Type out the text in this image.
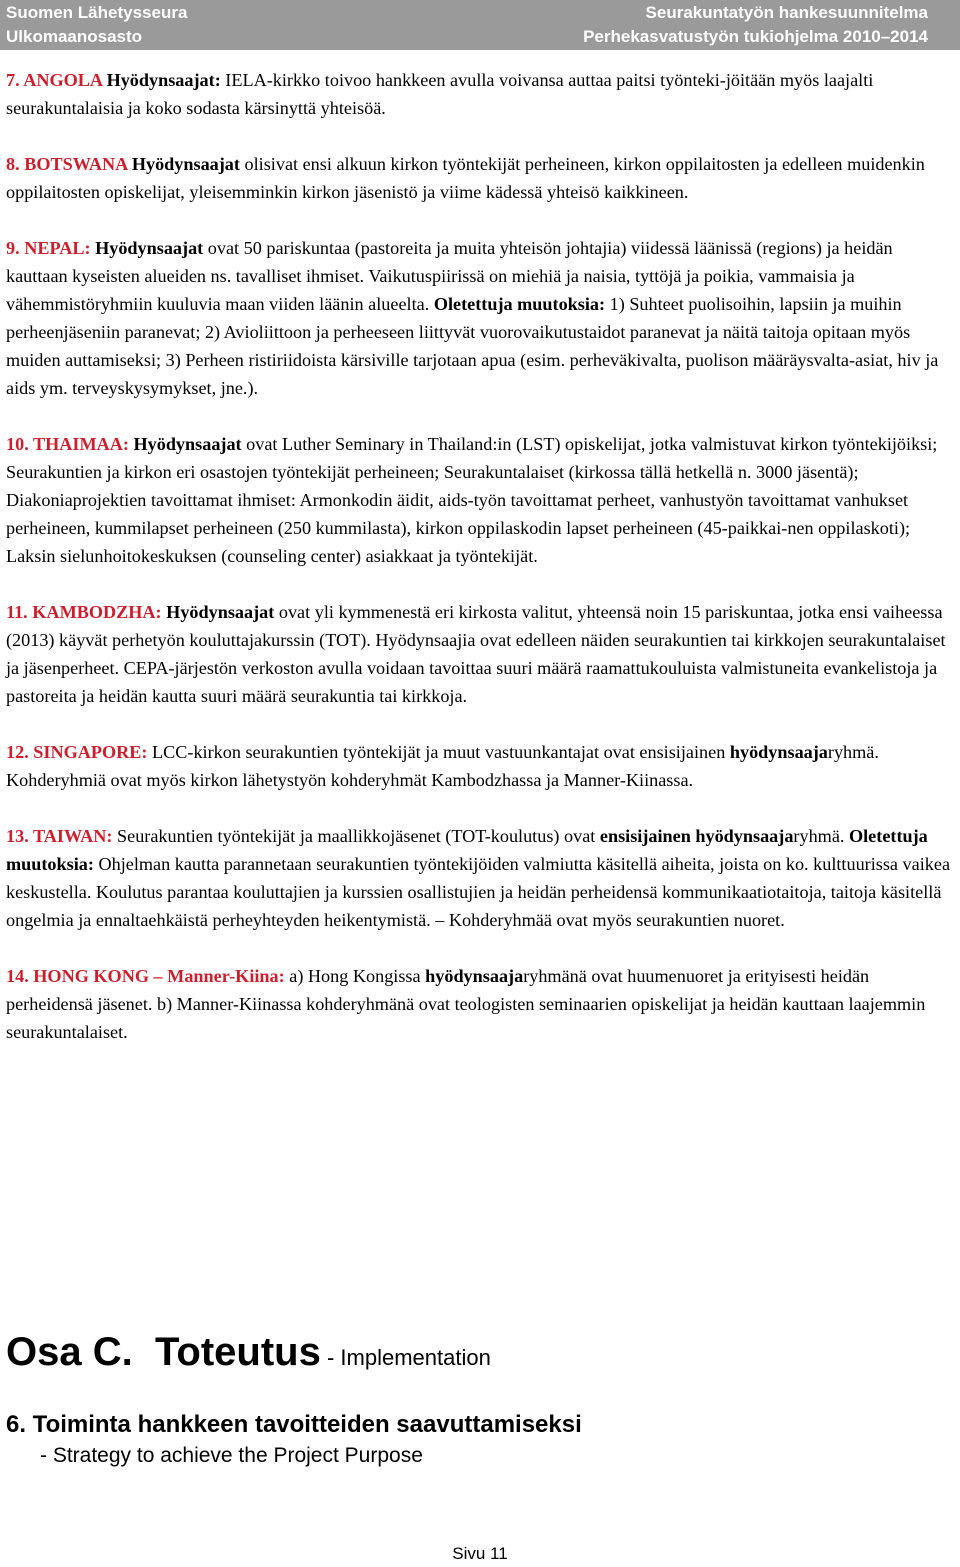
Suomen Lähetysseura
Ulkomaanosasto
Seurakuntatyön hankesuunnitelma
Perhekasvatustyön tukiohjelma 2010–2014

7. ANGOLA Hyödynsaajat: IELA-kirkko toivoo hankkeen avulla voivansa auttaa paitsi työnteki-jöitään myös laajalti seurakuntalaisia ja koko sodasta kärsinyttä yhteisöä.

8. BOTSWANA Hyödynsaajat olisivat ensi alkuun kirkon työntekijät perheineen, kirkon oppilaitosten ja edelleen muidenkin oppilaitosten opiskelijat, yleisemminkin kirkon jäsenistö ja viime kädessä yhteisö kaikkineen.

9. NEPAL: Hyödynsaajat ovat 50 pariskuntaa (pastoreita ja muita yhteisön johtajia) viidessä läänissä (regions) ja heidän kauttaan kyseisten alueiden ns. tavalliset ihmiset. Vaikutuspiirissä on miehiä ja naisia, tyttöjä ja poikia, vammaisia ja vähemmistöryhmiin kuuluvia maan viiden läänin alueelta. Oletettuja muutoksia: 1) Suhteet puolisoihin, lapsiin ja muihin perheenjäseniin paranevat; 2) Avioliittoon ja perheeseen liittyvät vuorovaikutustaidot paranevat ja näitä taitoja opitaan myös muiden auttamiseksi; 3) Perheen ristiriidoista kärsiville tarjotaan apua (esim. perheväkivalta, puolison määräysvalta-asiat, hiv ja aids ym. terveyskysymykset, jne.).

10. THAIMAA: Hyödynsaajat ovat Luther Seminary in Thailand:in (LST) opiskelijat, jotka valmistuvat kirkon työntekijöiksi; Seurakuntien ja kirkon eri osastojen työntekijät perheineen; Seurakuntalaiset (kirkossa tällä hetkellä n. 3000 jäsentä); Diakoniaprojektien tavoittamat ihmiset: Armonkodin äidit, aids-työn tavoittamat perheet, vanhustyön tavoittamat vanhukset perheineen, kummilapset perheineen (250 kummilasta), kirkon oppilaskodin lapset perheineen (45-paikkai-nen oppilaskoti); Laksin sielunhoitokeskuksen (counseling center) asiakkaat ja työntekijät.

11. KAMBODZHA: Hyödynsaajat ovat yli kymmenestä eri kirkosta valitut, yhteensä noin 15 pariskuntaa, jotka ensi vaiheessa (2013) käyvät perhetyön kouluttajakurssin (TOT). Hyödynsaajia ovat edelleen näiden seurakuntien tai kirkkojen seurakuntalaiset ja jäsenperheet. CEPA-järjestön verkoston avulla voidaan tavoittaa suuri määrä raamattukouluista valmistuneita evankelistoja ja pastoreita ja heidän kautta suuri määrä seurakuntia tai kirkkoja.

12. SINGAPORE: LCC-kirkon seurakuntien työntekijät ja muut vastuunkantajat ovat ensisijainen hyödynsaajaryhmä. Kohderyhmiä ovat myös kirkon lähetystyön kohderyhmät Kambodzhassa ja Manner-Kiinassa.

13. TAIWAN: Seurakuntien työntekijät ja maallikkojäsenet (TOT-koulutus) ovat ensisijainen hyödynsaajaryhmä. Oletettuja muutoksia: Ohjelman kautta parannetaan seurakuntien työntekijöiden valmiutta käsitellä aiheita, joista on ko. kulttuurissa vaikea keskustella. Koulutus parantaa kouluttajien ja kurssien osallistujien ja heidän perheidensä kommunikaatiotaitoja, taitoja käsitellä ongelmia ja ennaltaehkäistä perheyhteyden heikentymistä. – Kohderyhmää ovat myös seurakuntien nuoret.

14. HONG KONG – Manner-Kiina: a) Hong Kongissa hyödynsaajaryhmänä ovat huumenuoret ja erityisesti heidän perheidensä jäsenet. b) Manner-Kiinassa kohderyhmänä ovat teologisten seminaarien opiskelijat ja heidän kauttaan laajemmin seurakuntalaiset.

Osa C.  Toteutus - Implementation
6. Toiminta hankkeen tavoitteiden saavuttamiseksi
- Strategy to achieve the Project Purpose
Sivu 11
